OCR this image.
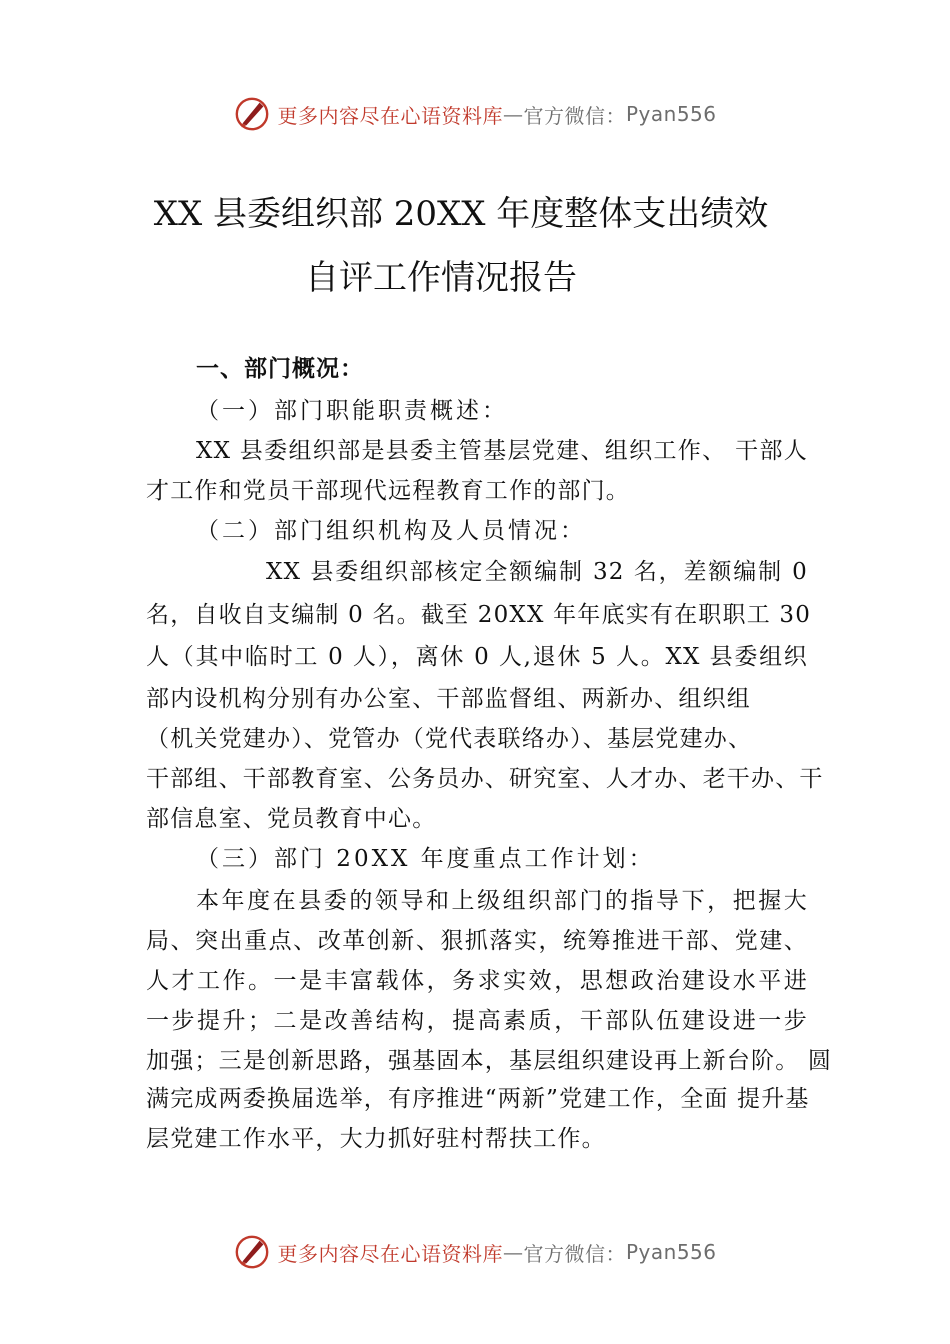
更多内容尽在心语资料库 — 官方微信： Pyan556
XX 县委组织部 20XX 年度整体支出绩效
自评工作情况报告
一、部门概况：
（一）部门职能职责概述：
XX 县委组织部是县委主管基层党建、组织工作、 干部人
才工作和党员干部现代远程教育工作的部门。
（二）部门组织机构及人员情况：
XX 县委组织部核定全额编制 32 名，差额编制 0
名，自收自支编制 0 名。截至 20XX 年年底实有在职职工 30
人（其中临时工 0 人），离休 0 人,退休 5 人。XX 县委组织
部内设机构分别有办公室、干部监督组、两新办、组织组
（机关党建办）、党管办（党代表联络办）、基层党建办、
干部组、干部教育室、公务员办、研究室、人才办、老干办、干
部信息室、党员教育中心。
（三）部门 20XX 年度重点工作计划：
本年度在县委的领导和上级组织部门的指导下，把握大
局、突出重点、改革创新、狠抓落实，统筹推进干部、党建、
人才工作。一是丰富载体，务求实效，思想政治建设水平进
一步提升；二是改善结构，提高素质，干部队伍建设进一步
加强；三是创新思路，强基固本，基层组织建设再上新台阶。 圆
满完成两委换届选举，有序推进“两新”党建工作，全面 提升基
层党建工作水平，大力抓好驻村帮扶工作。
更多内容尽在心语资料库 — 官方微信： Pyan556
